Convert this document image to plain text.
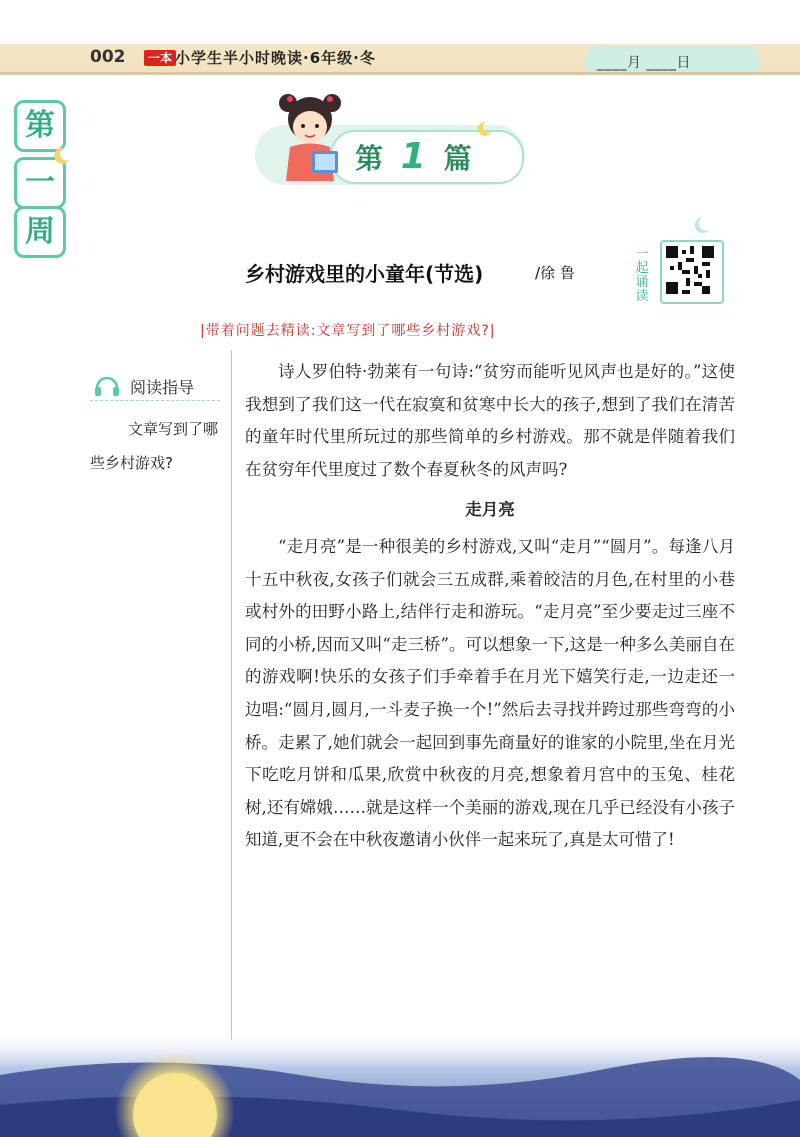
002	一本 小学生半小时晚读·6年级·冬	____月 ____日
第
一
周
第 1 篇
乡村游戏里的小童年(节选)	/徐 鲁
一起诵读
|带着问题去精读:文章写到了哪些乡村游戏?|
阅读指导
文章写到了哪些乡村游戏?

诗人罗伯特·勃莱有一句诗:“贫穷而能听见风声也是好的。”这使我想到了我们这一代在寂寞和贫寒中长大的孩子,想到了我们在清苦的童年时代里所玩过的那些简单的乡村游戏。那不就是伴随着我们在贫穷年代里度过了数个春夏秋冬的风声吗?

走月亮

“走月亮”是一种很美的乡村游戏,又叫“走月”“圆月”。每逢八月十五中秋夜,女孩子们就会三五成群,乘着皎洁的月色,在村里的小巷或村外的田野小路上,结伴行走和游玩。“走月亮”至少要走过三座不同的小桥,因而又叫“走三桥”。可以想象一下,这是一种多么美丽自在的游戏啊!快乐的女孩子们手牵着手在月光下嬉笑行走,一边走还一边唱:“圆月,圆月,一斗麦子换一个!”然后去寻找并跨过那些弯弯的小桥。走累了,她们就会一起回到事先商量好的谁家的小院里,坐在月光下吃吃月饼和瓜果,欣赏中秋夜的月亮,想象着月宫中的玉兔、桂花树,还有嫦娥……就是这样一个美丽的游戏,现在几乎已经没有小孩子知道,更不会在中秋夜邀请小伙伴一起来玩了,真是太可惜了!
